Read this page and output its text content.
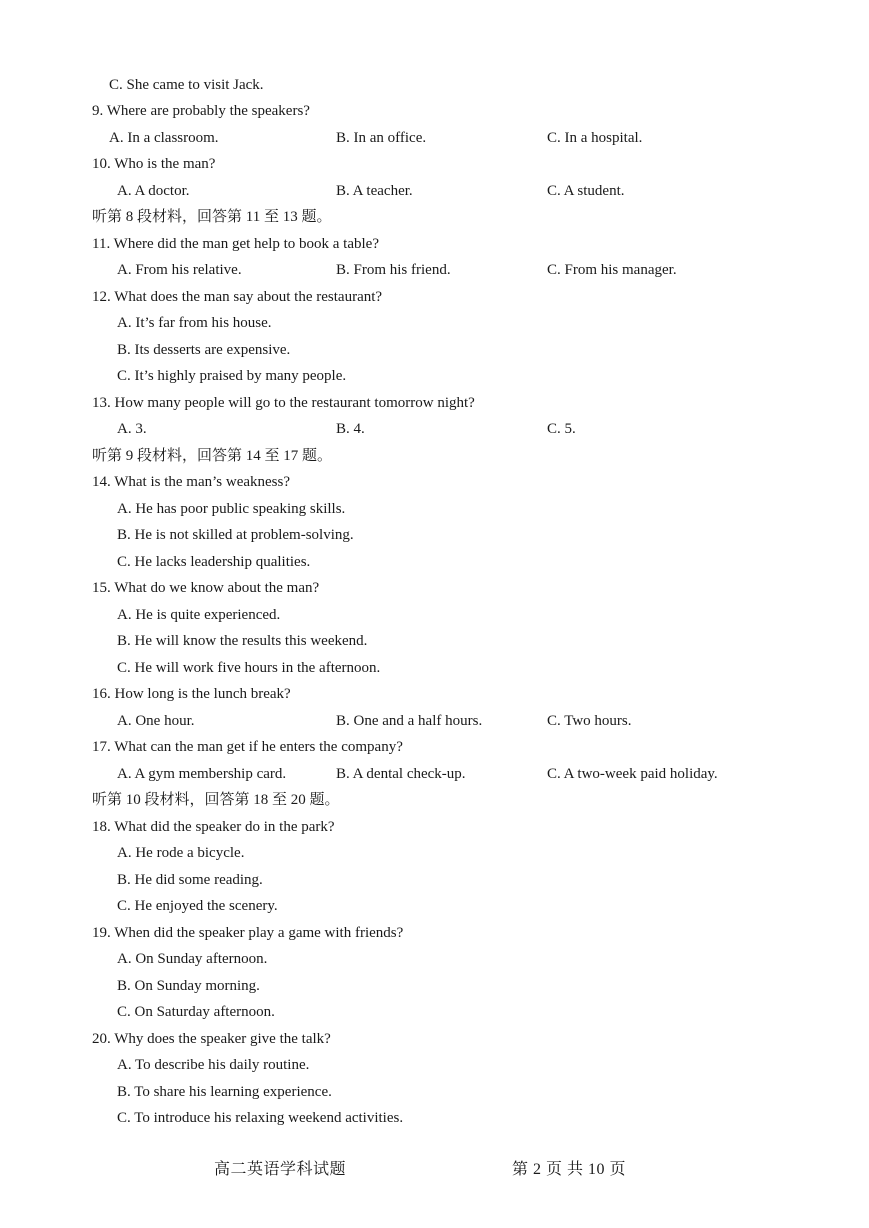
C. She came to visit Jack.
9. Where are probably the speakers?
A. In a classroom.	B. In an office.	C. In a hospital.
10. Who is the man?
A. A doctor.	B. A teacher.	C. A student.
听第 8 段材料，回答第 11 至 13 题。
11. Where did the man get help to book a table?
A. From his relative.	B. From his friend.	C. From his manager.
12. What does the man say about the restaurant?
A. It’s far from his house.
B. Its desserts are expensive.
C. It’s highly praised by many people.
13. How many people will go to the restaurant tomorrow night?
A. 3.	B. 4.	C. 5.
听第 9 段材料，回答第 14 至 17 题。
14. What is the man’s weakness?
A. He has poor public speaking skills.
B. He is not skilled at problem-solving.
C. He lacks leadership qualities.
15. What do we know about the man?
A. He is quite experienced.
B. He will know the results this weekend.
C. He will work five hours in the afternoon.
16. How long is the lunch break?
A. One hour.	B. One and a half hours.	C. Two hours.
17. What can the man get if he enters the company?
A. A gym membership card.	B. A dental check-up.	C. A two-week paid holiday.
听第 10 段材料，回答第 18 至 20 题。
18. What did the speaker do in the park?
A. He rode a bicycle.
B. He did some reading.
C. He enjoyed the scenery.
19. When did the speaker play a game with friends?
A. On Sunday afternoon.
B. On Sunday morning.
C. On Saturday afternoon.
20. Why does the speaker give the talk?
A. To describe his daily routine.
B. To share his learning experience.
C. To introduce his relaxing weekend activities.
高二英语学科试题	第 2 页 共 10 页
